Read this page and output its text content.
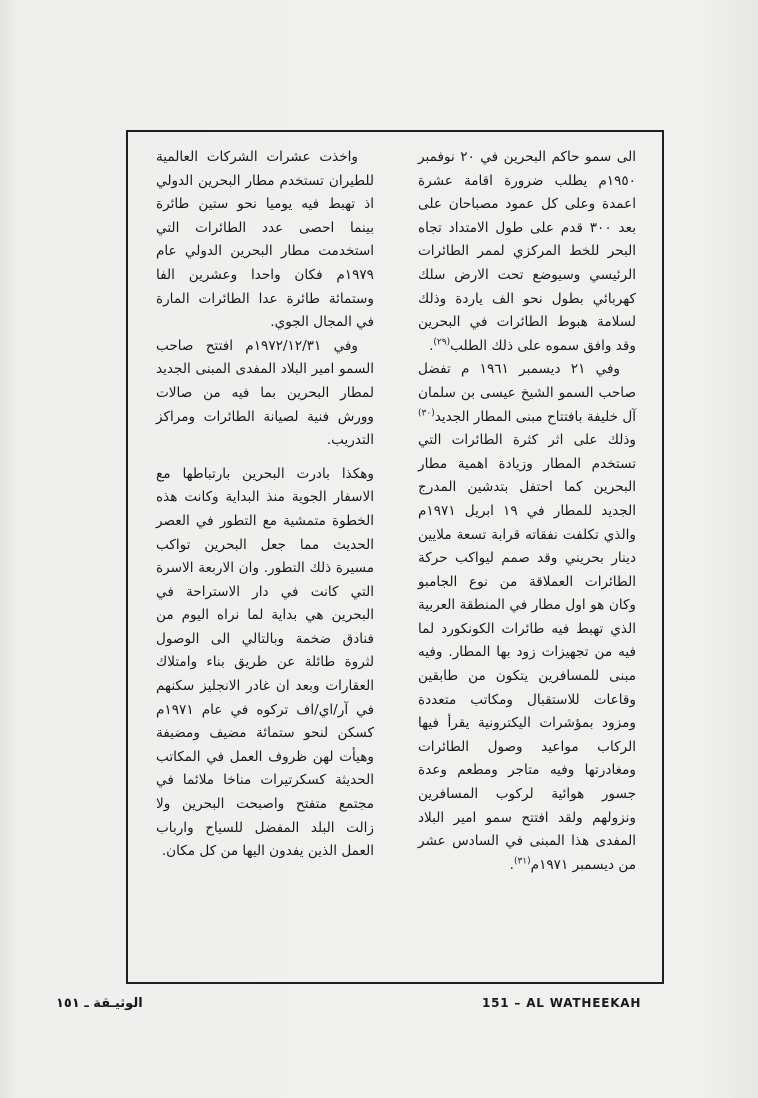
الى سمو حاكم البحرين في ٢٠ نوفمبر ١٩٥٠م يطلب ضرورة اقامة عشرة اعمدة وعلى كل عمود مصباحان على بعد ٣٠٠ قدم على طول الامتداد تجاه البحر للخط المركزي لممر الطائرات الرئيسي وسيوضع تحت الارض سلك كهربائي بطول نحو الف ياردة وذلك لسلامة هبوط الطائرات في البحرين وقد وافق سموه على ذلك الطلب$^{(٢٩)}$.

وفي ٢١ ديسمبر ١٩٦١ م تفضل صاحب السمو الشيخ عيسى بن سلمان آل خليفة بافتتاح مبنى المطار الجديد$^{(٣٠)}$ وذلك على اثر كثرة الطائرات التي تستخدم المطار وزيادة اهمية مطار البحرين كما احتفل بتدشين المدرج الجديد للمطار في ١٩ ابريل ١٩٧١م والذي تكلفت نفقاته قرابة تسعة ملايين دينار بحريني وقد صمم ليواكب حركة الطائرات العملاقة من نوع الجامبو وكان هو اول مطار في المنطقة العربية الذي تهبط فيه طائرات الكونكورد لما فيه من تجهيزات زود بها المطار. وفيه مبنى للمسافرين يتكون من طابقين وقاعات للاستقبال ومكاتب متعددة ومزود بمؤشرات اليكترونية يقرأ فيها الركاب مواعيد وصول الطائرات ومغادرتها وفيه متاجر ومطعم وعدة جسور هوائية لركوب المسافرين ونزولهم ولقد افتتح سمو امير البلاد المفدى هذا المبنى في السادس عشر من ديسمبر ١٩٧١م$^{(٣١)}$.

واخذت عشرات الشركات العالمية للطيران تستخدم مطار البحرين الدولي اذ تهبط فيه يوميا نحو ستين طائرة بينما احصى عدد الطائرات التي استخدمت مطار البحرين الدولي عام ١٩٧٩م فكان واحدا وعشرين الفا وستمائة طائرة عدا الطائرات المارة في المجال الجوي.

وفي ١٩٧٢/١٢/٣١م افتتح صاحب السمو امير البلاد المفدى المبنى الجديد لمطار البحرين بما فيه من صالات وورش فنية لصيانة الطائرات ومراكز التدريب.

وهكذا بادرت البحرين بارتباطها مع الاسفار الجوية منذ البداية وكانت هذه الخطوة متمشية مع التطور في العصر الحديث مما جعل البحرين تواكب مسيرة ذلك التطور. وان الاربعة الاسرة التي كانت في دار الاستراحة في البحرين هي بداية لما نراه اليوم من فنادق ضخمة وبالتالي الى الوصول لثروة طائلة عن طريق بناء وامتلاك العقارات وبعد ان غادر الانجليز سكنهم في آر/اي/اف تركوه في عام ١٩٧١م كسكن لنحو ستمائة مضيف ومضيفة وهيأت لهن ظروف العمل في المكاتب الحديثة كسكرتيرات مناخا ملائما في مجتمع متفتح واصبحت البحرين ولا زالت البلد المفضل للسياح وارباب العمل الذين يفدون اليها من كل مكان.

الوثيـقة ـ ١٥١	151 – AL WATHEEKAH
